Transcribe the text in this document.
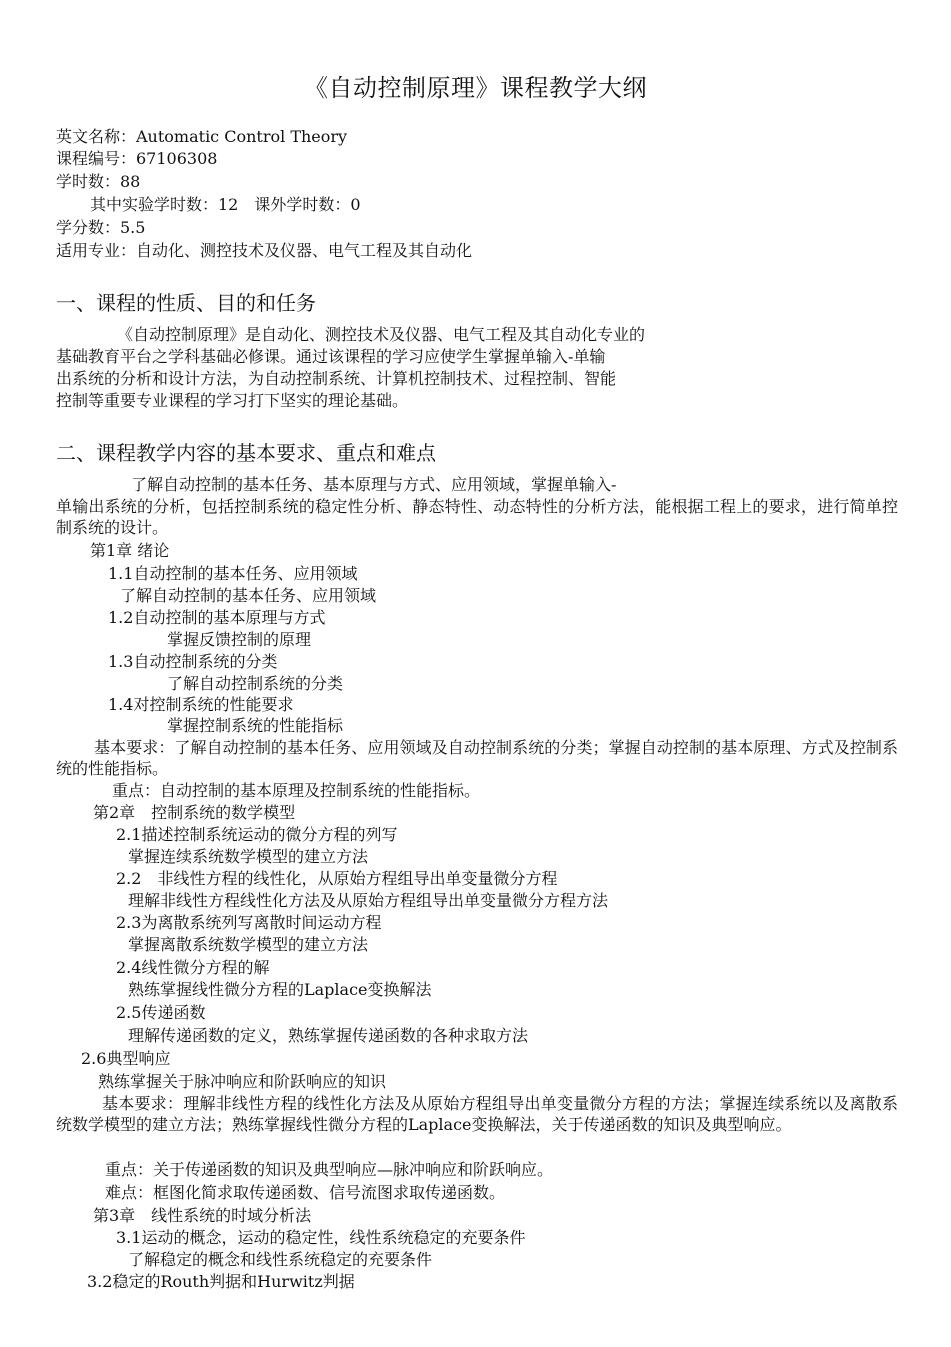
《自动控制原理》课程教学大纲
英文名称：Automatic Control Theory
课程编号：67106308
学时数：88
其中实验学时数：12　课外学时数：0
学分数：5.5
适用专业：自动化、测控技术及仪器、电气工程及其自动化
一、课程的性质、目的和任务
《自动控制原理》是自动化、测控技术及仪器、电气工程及其自动化专业的
基础教育平台之学科基础必修课。通过该课程的学习应使学生掌握单输入-单输
出系统的分析和设计方法，为自动控制系统、计算机控制技术、过程控制、智能
控制等重要专业课程的学习打下坚实的理论基础。
二、课程教学内容的基本要求、重点和难点
了解自动控制的基本任务、基本原理与方式、应用领域，掌握单输入-
单输出系统的分析，包括控制系统的稳定性分析、静态特性、动态特性的分析方法，能根据工程上的要求，进行简单控制系统的设计。
第1章 绪论
1.1自动控制的基本任务、应用领域
了解自动控制的基本任务、应用领域
1.2自动控制的基本原理与方式
掌握反馈控制的原理
1.3自动控制系统的分类
了解自动控制系统的分类
1.4对控制系统的性能要求
掌握控制系统的性能指标
基本要求：了解自动控制的基本任务、应用领域及自动控制系统的分类；掌握自动控制的基本原理、方式及控制系统的性能指标。
重点：自动控制的基本原理及控制系统的性能指标。
第2章　控制系统的数学模型
2.1描述控制系统运动的微分方程的列写
掌握连续系统数学模型的建立方法
2.2　非线性方程的线性化，从原始方程组导出单变量微分方程
理解非线性方程线性化方法及从原始方程组导出单变量微分方程方法
2.3为离散系统列写离散时间运动方程
掌握离散系统数学模型的建立方法
2.4线性微分方程的解
熟练掌握线性微分方程的Laplace变换解法
2.5传递函数
理解传递函数的定义，熟练掌握传递函数的各种求取方法
2.6典型响应
熟练掌握关于脉冲响应和阶跃响应的知识
基本要求：理解非线性方程的线性化方法及从原始方程组导出单变量微分方程的方法；掌握连续系统以及离散系统数学模型的建立方法；熟练掌握线性微分方程的Laplace变换解法，关于传递函数的知识及典型响应。
重点：关于传递函数的知识及典型响应—脉冲响应和阶跃响应。
难点：框图化简求取传递函数、信号流图求取传递函数。
第3章　线性系统的时域分析法
3.1运动的概念，运动的稳定性，线性系统稳定的充要条件
了解稳定的概念和线性系统稳定的充要条件
3.2稳定的Routh判据和Hurwitz判据
